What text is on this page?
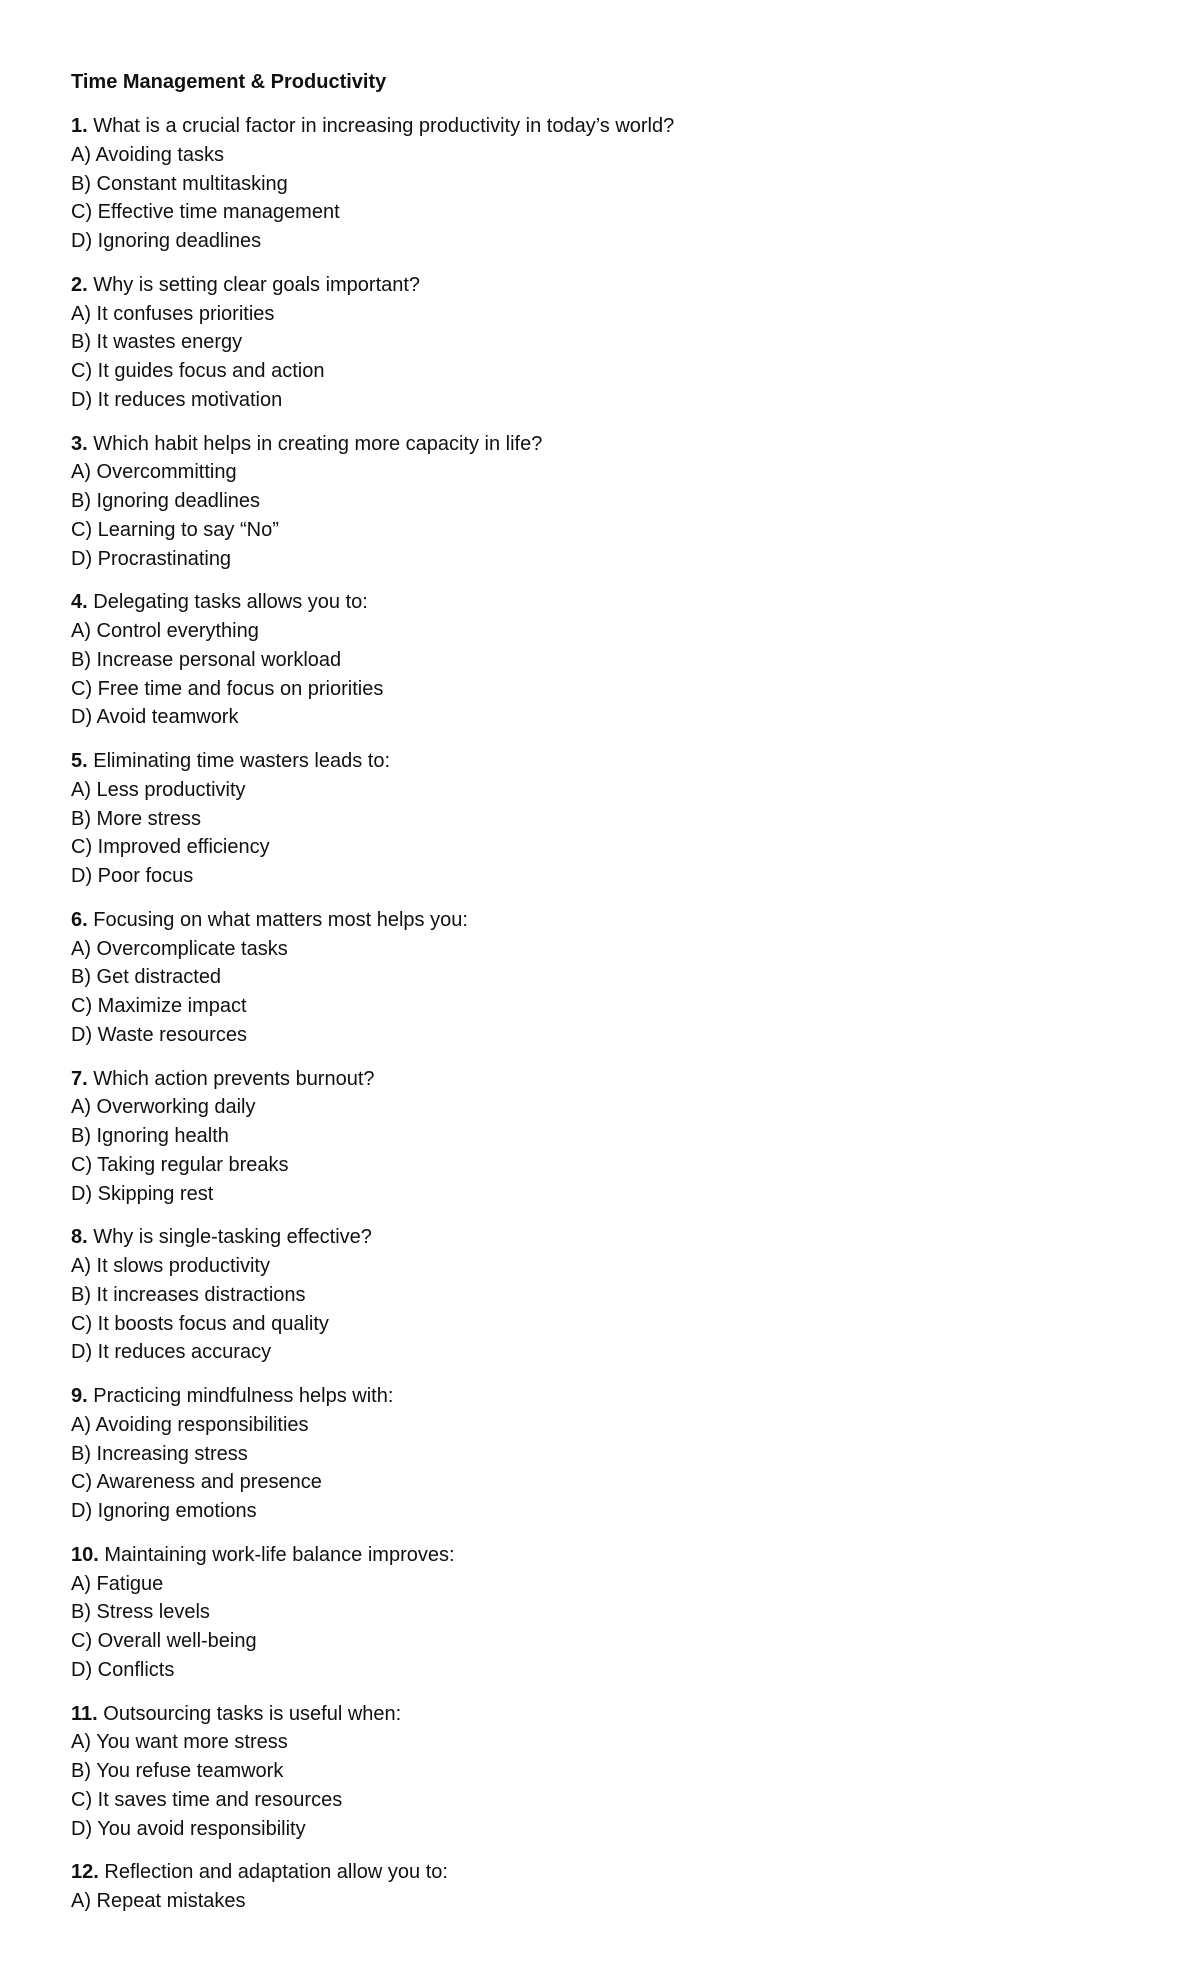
Time Management & Productivity
1. What is a crucial factor in increasing productivity in today’s world?
A) Avoiding tasks
B) Constant multitasking
C) Effective time management
D) Ignoring deadlines
2. Why is setting clear goals important?
A) It confuses priorities
B) It wastes energy
C) It guides focus and action
D) It reduces motivation
3. Which habit helps in creating more capacity in life?
A) Overcommitting
B) Ignoring deadlines
C) Learning to say “No”
D) Procrastinating
4. Delegating tasks allows you to:
A) Control everything
B) Increase personal workload
C) Free time and focus on priorities
D) Avoid teamwork
5. Eliminating time wasters leads to:
A) Less productivity
B) More stress
C) Improved efficiency
D) Poor focus
6. Focusing on what matters most helps you:
A) Overcomplicate tasks
B) Get distracted
C) Maximize impact
D) Waste resources
7. Which action prevents burnout?
A) Overworking daily
B) Ignoring health
C) Taking regular breaks
D) Skipping rest
8. Why is single-tasking effective?
A) It slows productivity
B) It increases distractions
C) It boosts focus and quality
D) It reduces accuracy
9. Practicing mindfulness helps with:
A) Avoiding responsibilities
B) Increasing stress
C) Awareness and presence
D) Ignoring emotions
10. Maintaining work-life balance improves:
A) Fatigue
B) Stress levels
C) Overall well-being
D) Conflicts
11. Outsourcing tasks is useful when:
A) You want more stress
B) You refuse teamwork
C) It saves time and resources
D) You avoid responsibility
12. Reflection and adaptation allow you to:
A) Repeat mistakes
